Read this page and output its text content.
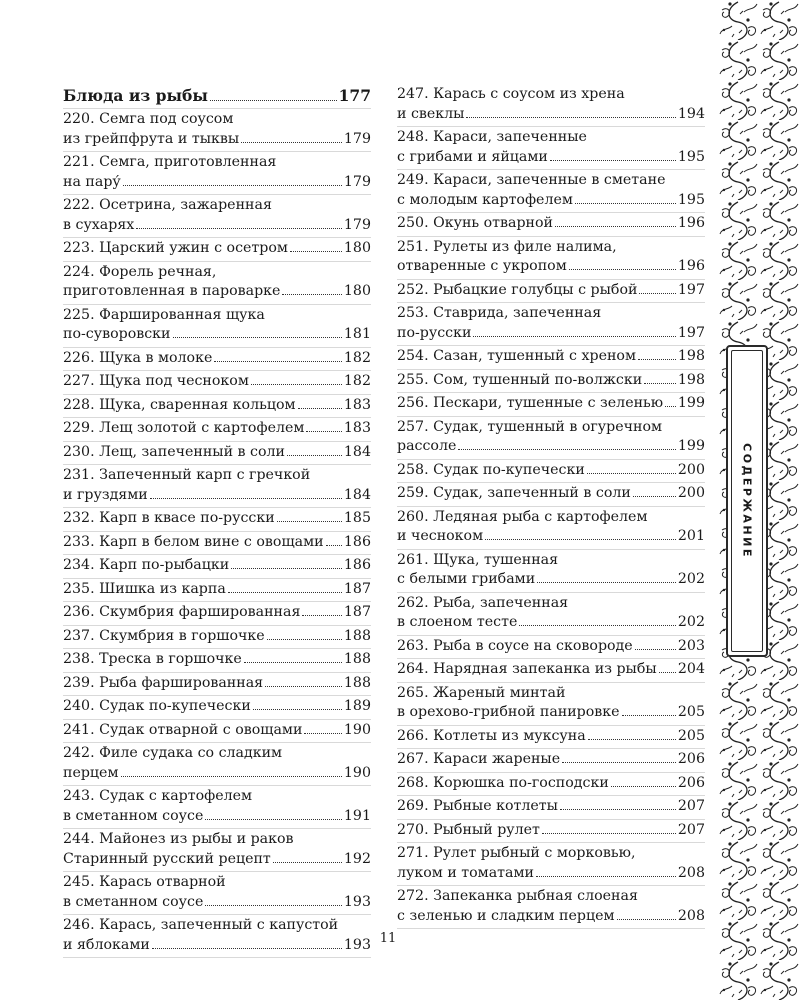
Блюда из рыбы	177
220. Семга под соусом
из грейпфрута и тыквы	179
221. Семга, приготовленная
на пару́	179
222. Осетрина, зажаренная
в сухарях	179
223. Царский ужин с осетром	180
224. Форель речная,
приготовленная в пароварке	180
225. Фаршированная щука
по-суворовски	181
226. Щука в молоке	182
227. Щука под чесноком	182
228. Щука, сваренная кольцом	183
229. Лещ золотой с картофелем	183
230. Лещ, запеченный в соли	184
231. Запеченный карп с гречкой
и груздями	184
232. Карп в квасе по-русски	185
233. Карп в белом вине с овощами 186
234. Карп по-рыбацки	186
235. Шишка из карпа	187
236. Скумбрия фаршированная	187
237. Скумбрия в горшочке	188
238. Треска в горшочке	188
239. Рыба фаршированная	188
240. Судак по-купечески	189
241. Судак отварной с овощами	190
242. Филе судака со сладким
перцем	190
243. Судак с картофелем
в сметанном соусе	191
244. Майонез из рыбы и раков
Старинный русский рецепт	192
245. Карась отварной
в сметанном соусе	193
246. Карась, запеченный с капустой
и яблоками	193
247. Карась с соусом из хрена
и свеклы	194
248. Караси, запеченные
с грибами и яйцами	195
249. Караси, запеченные в сметане
с молодым картофелем	195
250. Окунь отварной	196
251. Рулеты из филе налима,
отваренные с укропом	196
252. Рыбацкие голубцы с рыбой	197
253. Ставрида, запеченная
по-русски	197
254. Сазан, тушенный с хреном	198
255. Сом, тушенный по-волжски	198
256. Пескари, тушенные с зеленью 199
257. Судак, тушенный в огуречном
рассоле	199
258. Судак по-купечески	200
259. Судак, запеченный в соли	200
260. Ледяная рыба с картофелем
и чесноком	201
261. Щука, тушенная
с белыми грибами	202
262. Рыба, запеченная
в слоеном тесте	202
263. Рыба в соусе на сковороде	203
264. Нарядная запеканка из рыбы 204
265. Жареный минтай
в орехово-грибной панировке	205
266. Котлеты из муксуна	205
267. Караси жареные	206
268. Корюшка по-господски	206
269. Рыбные котлеты	207
270. Рыбный рулет	207
271. Рулет рыбный с морковью,
луком и томатами	208
272. Запеканка рыбная слоеная
с зеленью и сладким перцем	208
11
СОДЕРЖАНИЕ
